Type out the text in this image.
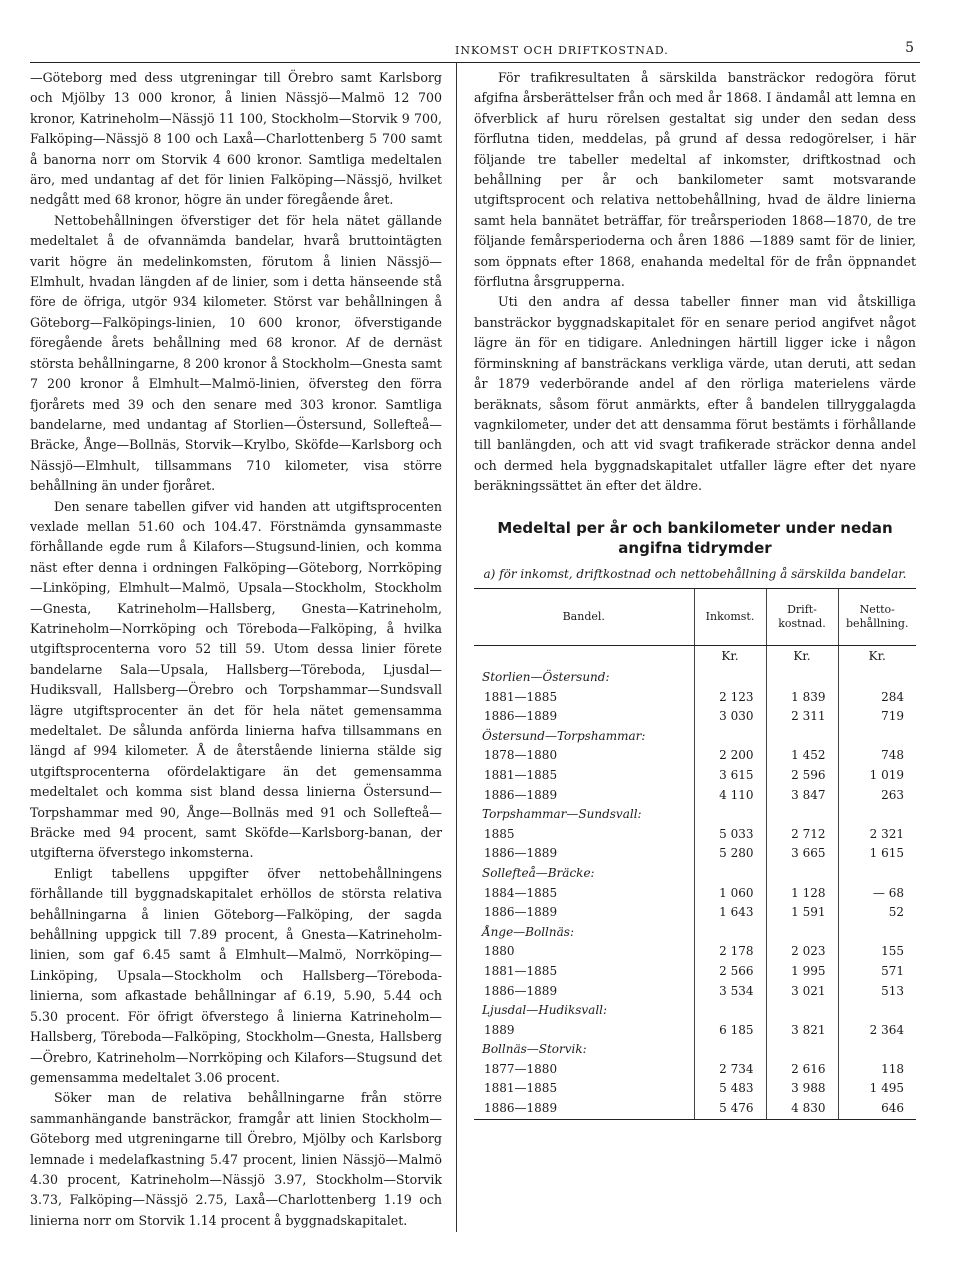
INKOMST OCH DRIFTKOSTNAD.	5

—Göteborg med dess utgreningar till Örebro samt Karlsborg och Mjölby 13 000 kronor, å linien Nässjö—Malmö 12 700 kronor, Katrineholm—Nässjö 11 100, Stockholm—Storvik 9 700, Falköping—Nässjö 8 100 och Laxå—Charlottenberg 5 700 samt å banorna norr om Storvik 4 600 kronor. Samtliga medeltalen äro, med undantag af det för linien Falköping—Nässjö, hvilket nedgått med 68 kronor, högre än under föregående året.

Nettobehållningen öfverstiger det för hela nätet gällande medeltalet å de ofvannämda bandelar, hvarå bruttointägten varit högre än medelinkomsten, förutom å linien Nässjö—Elmhult, hvadan längden af de linier, som i detta hänseende stå före de öfriga, utgör 934 kilometer. Störst var behållningen å Göteborg—Falköpings-linien, 10 600 kronor, öfverstigande föregående årets behållning med 68 kronor. Af de dernäst största behållningarne, 8 200 kronor å Stockholm—Gnesta samt 7 200 kronor å Elmhult—Malmö-linien, öfversteg den förra fjorårets med 39 och den senare med 303 kronor. Samtliga bandelarne, med undantag af Storlien—Östersund, Sollefteå—Bräcke, Ånge—Bollnäs, Storvik—Krylbo, Sköfde—Karlsborg och Nässjö—Elmhult, tillsammans 710 kilometer, visa större behållning än under fjoråret.

Den senare tabellen gifver vid handen att utgiftsprocenten vexlade mellan 51.60 och 104.47. Förstnämda gynsammaste förhållande egde rum å Kilafors—Stugsund-linien, och komma näst efter denna i ordningen Falköping—Göteborg, Norrköping —Linköping, Elmhult—Malmö, Upsala—Stockholm, Stockholm —Gnesta, Katrineholm—Hallsberg, Gnesta—Katrineholm, Katrineholm—Norrköping och Töreboda—Falköping, å hvilka utgiftsprocenterna voro 52 till 59. Utom dessa linier förete bandelarne Sala—Upsala, Hallsberg—Töreboda, Ljusdal—Hudiksvall, Hallsberg—Örebro och Torpshammar—Sundsvall lägre utgiftsprocenter än det för hela nätet gemensamma medeltalet. De sålunda anförda linierna hafva tillsammans en längd af 994 kilometer. Å de återstående linierna stälde sig utgiftsprocenterna ofördelaktigare än det gemensamma medeltalet och komma sist bland dessa linierna Östersund—Torpshammar med 90, Ånge—Bollnäs med 91 och Sollefteå—Bräcke med 94 procent, samt Sköfde—Karlsborg-banan, der utgifterna öfverstego inkomsterna.

Enligt tabellens uppgifter öfver nettobehållningens förhållande till byggnadskapitalet erhöllos de största relativa behållningarna å linien Göteborg—Falköping, der sagda behållning uppgick till 7.89 procent, å Gnesta—Katrineholm-linien, som gaf 6.45 samt å Elmhult—Malmö, Norrköping—Linköping, Upsala—Stockholm och Hallsberg—Töreboda-linierna, som afkastade behållningar af 6.19, 5.90, 5.44 och 5.30 procent. För öfrigt öfverstego å linierna Katrineholm—Hallsberg, Töreboda—Falköping, Stockholm—Gnesta, Hallsberg—Örebro, Katrineholm—Norrköping och Kilafors—Stugsund det gemensamma medeltalet 3.06 procent.

Söker man de relativa behållningarne från större sammanhängande bansträckor, framgår att linien Stockholm—Göteborg med utgreningarne till Örebro, Mjölby och Karlsborg lemnade i medelafkastning 5.47 procent, linien Nässjö—Malmö 4.30 procent, Katrineholm—Nässjö 3.97, Stockholm—Storvik 3.73, Falköping—Nässjö 2.75, Laxå—Charlottenberg 1.19 och linierna norr om Storvik 1.14 procent å byggnadskapitalet.

För trafikresultaten å särskilda bansträckor redogöra förut afgifna årsberättelser från och med år 1868. I ändamål att lemna en öfverblick af huru rörelsen gestaltat sig under den sedan dess förflutna tiden, meddelas, på grund af dessa redogörelser, i här följande tre tabeller medeltal af inkomster, driftkostnad och behållning per år och bankilometer samt motsvarande utgiftsprocent och relativa nettobehållning, hvad de äldre linierna samt hela bannätet beträffar, för treårsperioden 1868—1870, de tre följande femårsperioderna och åren 1886 —1889 samt för de linier, som öppnats efter 1868, enahanda medeltal för de från öppnandet förflutna årsgrupperna.

Uti den andra af dessa tabeller finner man vid åtskilliga bansträckor byggnadskapitalet för en senare period angifvet något lägre än för en tidigare. Anledningen härtill ligger icke i någon förminskning af bansträckans verkliga värde, utan deruti, att sedan år 1879 vederbörande andel af den rörliga materielens värde beräknats, såsom förut anmärkts, efter å bandelen tillryggalagda vagnkilometer, under det att densamma förut bestämts i förhållande till banlängden, och att vid svagt trafikerade sträckor denna andel och dermed hela byggnadskapitalet utfaller lägre efter det nyare beräkningssättet än efter det äldre.

Medeltal per år och bankilometer under nedan angifna tidrymder
a) för inkomst, driftkostnad och nettobehållning å särskilda bandelar.
Bandel.	Inkomst.	Drift-kostnad.	Netto-behållning.
	Kr.	Kr.	Kr.
Storlien—Östersund:			
1881—1885	2 123	1 839	284
1886—1889	3 030	2 311	719
Östersund—Torpshammar:			
1878—1880	2 200	1 452	748
1881—1885	3 615	2 596	1 019
1886—1889	4 110	3 847	263
Torpshammar—Sundsvall:			
1885	5 033	2 712	2 321
1886—1889	5 280	3 665	1 615
Sollefteå—Bräcke:			
1884—1885	1 060	1 128	— 68
1886—1889	1 643	1 591	52
Ånge—Bollnäs:			
1880	2 178	2 023	155
1881—1885	2 566	1 995	571
1886—1889	3 534	3 021	513
Ljusdal—Hudiksvall:			
1889	6 185	3 821	2 364
Bollnäs—Storvik:			
1877—1880	2 734	2 616	118
1881—1885	5 483	3 988	1 495
1886—1889	5 476	4 830	646
